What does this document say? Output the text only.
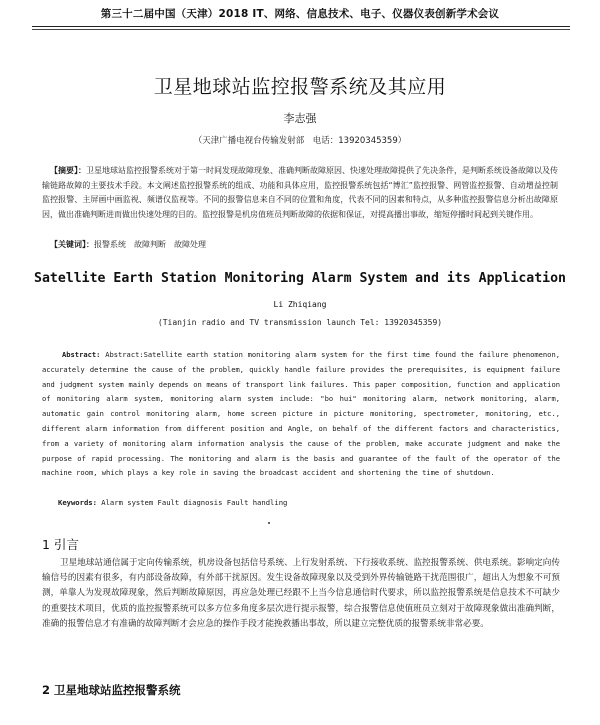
第三十二届中国（天津）2018 IT、网络、信息技术、电子、仪器仪表创新学术会议
卫星地球站监控报警系统及其应用
李志强
（天津广播电视台传输发射部　电话：13920345359）
【摘要】：卫星地球站监控报警系统对于第一时间发现故障现象、准确判断故障原因、快速处理故障提供了先决条件，是判断系统设备故障以及传输链路故障的主要技术手段。本文阐述监控报警系统的组成、功能和具体应用，监控报警系统包括“博汇”监控报警、网管监控报警、自动增益控制监控报警、主屏画中画监视、频谱仪监视等。不同的报警信息来自不同的位置和角度，代表不同的因素和特点，从多种监控报警信息分析出故障原因，做出准确判断进而做出快速处理的目的。监控报警是机房值班员判断故障的依据和保证，对提高播出事故，缩短停播时间起到关键作用。
【关键词】：报警系统　故障判断　故障处理
Satellite Earth Station Monitoring Alarm System and its Application
Li Zhiqiang
(Tianjin radio and TV transmission launch Tel: 13920345359)
Abstract: Abstract:Satellite earth station monitoring alarm system for the first time found the failure phenomenon, accurately determine the cause of the problem, quickly handle failure provides the prerequisites, is equipment failure and judgment system mainly depends on means of transport link failures. This paper composition, function and application of monitoring alarm system, monitoring alarm system include: "bo hui" monitoring alarm, network monitoring, alarm, automatic gain control monitoring alarm, home screen picture in picture monitoring, spectrometer, monitoring, etc., different alarm information from different position and Angle, on behalf of the different factors and characteristics, from a variety of monitoring alarm information analysis the cause of the problem, make accurate judgment and make the purpose of rapid processing. The monitoring and alarm is the basis and guarantee of the fault of the operator of the machine room, which plays a key role in saving the broadcast accident and shortening the time of shutdown.
Keywords: Alarm system Fault diagnosis Fault handling
1 引言
卫星地球站通信属于定向传输系统，机房设备包括信号系统、上行发射系统、下行接收系统、监控报警系统、供电系统。影响定向传输信号的因素有很多，有内部设备故障，有外部干扰原因。发生设备故障现象以及受到外界传输链路干扰范围很广，超出人为想象不可预测，单靠人为发现故障现象，然后判断故障原因，再应急处理已经跟不上当今信息通信时代要求，所以监控报警系统是信息技术不可缺少的重要技术项目，优质的监控报警系统可以多方位多角度多层次进行提示报警，综合报警信息使值班员立刻对于故障现象做出准确判断，准确的报警信息才有准确的故障判断才会应急的操作手段才能挽救播出事故，所以建立完整优质的报警系统非常必要。
2 卫星地球站监控报警系统
